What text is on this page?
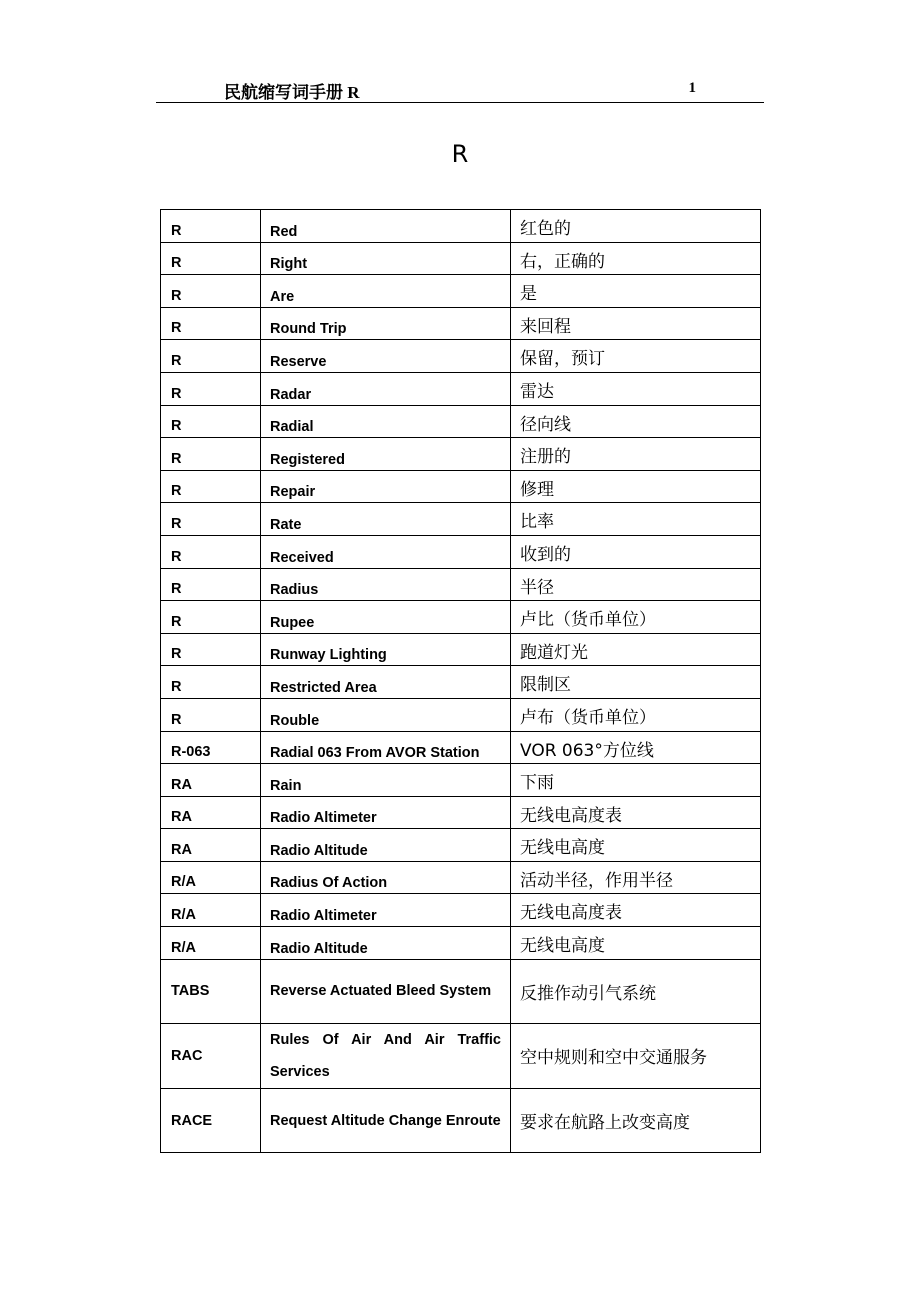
民航缩写词手册 R	1
R
R	Red	红色的
R	Right	右，正确的
R	Are	是
R	Round Trip	来回程
R	Reserve	保留，预订
R	Radar	雷达
R	Radial	径向线
R	Registered	注册的
R	Repair	修理
R	Rate	比率
R	Received	收到的
R	Radius	半径
R	Rupee	卢比（货币单位）
R	Runway Lighting	跑道灯光
R	Restricted Area	限制区
R	Rouble	卢布（货币单位）
R-063	Radial 063 From AVOR Station	VOR 063°方位线
RA	Rain	下雨
RA	Radio Altimeter	无线电高度表
RA	Radio Altitude	无线电高度
R/A	Radius Of Action	活动半径，作用半径
R/A	Radio Altimeter	无线电高度表
R/A	Radio Altitude	无线电高度
TABS	Reverse Actuated Bleed System	反推作动引气系统
RAC	Rules Of Air And Air Traffic Services	空中规则和空中交通服务
RACE	Request Altitude Change Enroute	要求在航路上改变高度
